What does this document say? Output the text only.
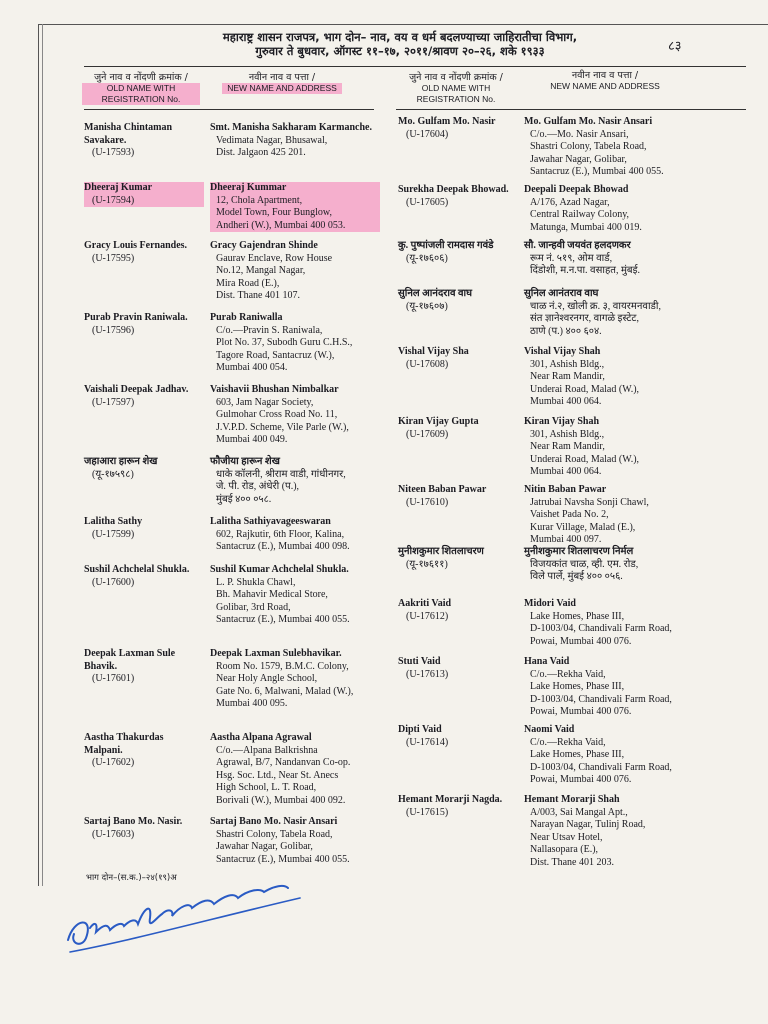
महाराष्ट्र शासन राजपत्र, भाग दोन– नाव, वय व धर्म बदलण्याच्या जाहिरातीचा विभाग,
गुरुवार ते बुधवार, ऑगस्ट ११–१७, २०११/श्रावण २०–२६, शके १९३३	८३
जुने नाव व नोंदणी क्रमांक /
OLD NAME WITH REGISTRATION No.
नवीन नाव व पत्ता /
NEW NAME AND ADDRESS
जुने नाव व नोंदणी क्रमांक /
OLD NAME WITH REGISTRATION No.
नवीन नाव व पत्ता /
NEW NAME AND ADDRESS
Manisha Chintaman Savakare.
(U-17593)
Smt. Manisha Sakharam Karmanche.
Vedimata Nagar, Bhusawal,
Dist. Jalgaon 425 201.
Dheeraj Kumar
(U-17594)
Dheeraj Kummar
12, Chola Apartment,
Model Town, Four Bunglow,
Andheri (W.), Mumbai 400 053.
Gracy Louis Fernandes.
(U-17595)
Gracy Gajendran Shinde
Gaurav Enclave, Row House
No.12, Mangal Nagar,
Mira Road (E.),
Dist. Thane 401 107.
Purab Pravin Raniwala.
(U-17596)
Purab Raniwalla
C/o.—Pravin S. Raniwala,
Plot No. 37, Subodh Guru C.H.S.,
Tagore Road, Santacruz (W.),
Mumbai 400 054.
Vaishali Deepak Jadhav.
(U-17597)
Vaishavii Bhushan Nimbalkar
603, Jam Nagar Society,
Gulmohar Cross Road No. 11,
J.V.P.D. Scheme, Vile Parle (W.),
Mumbai 400 049.
जहाआरा हारून शेख
(यू-१७५९८)
फौजीया हारून शेख
धाके कॉलनी, श्रीराम वाडी, गांधीनगर,
जे. पी. रोड, अंधेरी (प.),
मुंबई ४०० ०५८.
Lalitha Sathy
(U-17599)
Lalitha Sathiyavageeswaran
602, Rajkutir, 6th Floor, Kalina,
Santacruz (E.), Mumbai 400 098.
Sushil Achchelal Shukla.
(U-17600)
Sushil Kumar Achchelal Shukla.
L. P. Shukla Chawl,
Bh. Mahavir Medical Store,
Golibar, 3rd Road,
Santacruz (E.), Mumbai 400 055.
Deepak Laxman Sule Bhavik.
(U-17601)
Deepak Laxman Sulebhavikar.
Room No. 1579, B.M.C. Colony,
Near Holy Angle School,
Gate No. 6, Malwani, Malad (W.),
Mumbai 400 095.
Aastha Thakurdas Malpani.
(U-17602)
Aastha Alpana Agrawal
C/o.—Alpana Balkrishna
Agrawal, B/7, Nandanvan Co-op.
Hsg. Soc. Ltd., Near St. Anecs
High School, L. T. Road,
Borivali (W.), Mumbai 400 092.
Sartaj Bano Mo. Nasir.
(U-17603)
Sartaj Bano Mo. Nasir Ansari
Shastri Colony, Tabela Road,
Jawahar Nagar, Golibar,
Santacruz (E.), Mumbai 400 055.
Mo. Gulfam Mo. Nasir
(U-17604)
Mo. Gulfam Mo. Nasir Ansari
C/o.—Mo. Nasir Ansari,
Shastri Colony, Tabela Road,
Jawahar Nagar, Golibar,
Santacruz (E.), Mumbai 400 055.
Surekha Deepak Bhowad.
(U-17605)
Deepali Deepak Bhowad
A/176, Azad Nagar,
Central Railway Colony,
Matunga, Mumbai 400 019.
कु. पुष्पांजली रामदास गवंडे
(यू-१७६०६)
सौ. जान्हवी जयवंत हलदणकर
रूम नं. ५१९, ओम वार्ड,
दिंडोशी, म.न.पा. वसाहत, मुंबई.
सुनिल आनंदराव वाघ
(यू-१७६०७)
सुनिल आनंतराव वाघ
चाळ नं.२, खोली क्र. ३, वायरमनवाडी,
संत ज्ञानेश्वरनगर, वागळे इस्टेट,
ठाणे (प.) ४०० ६०४.
Vishal Vijay Sha
(U-17608)
Vishal Vijay Shah
301, Ashish Bldg.,
Near Ram Mandir,
Underai Road, Malad (W.),
Mumbai 400 064.
Kiran Vijay Gupta
(U-17609)
Kiran Vijay Shah
301, Ashish Bldg.,
Near Ram Mandir,
Underai Road, Malad (W.),
Mumbai 400 064.
Niteen Baban Pawar
(U-17610)
Nitin Baban Pawar
Jatrubai Navsha Sonji Chawl,
Vaishet Pada No. 2,
Kurar Village, Malad (E.),
Mumbai 400 097.
मुनीशकुमार शितलाचरण
(यू-१७६११)
मुनीशकुमार शितलाचरण निर्मल
विजयकांत चाळ, व्ही. एम. रोड,
विले पार्ले, मुंबई ४०० ०५६.
Aakriti Vaid
(U-17612)
Midori Vaid
Lake Homes, Phase III,
D-1003/04, Chandivali Farm Road,
Powai, Mumbai 400 076.
Stuti Vaid
(U-17613)
Hana Vaid
C/o.—Rekha Vaid,
Lake Homes, Phase III,
D-1003/04, Chandivali Farm Road,
Powai, Mumbai 400 076.
Dipti Vaid
(U-17614)
Naomi Vaid
C/o.—Rekha Vaid,
Lake Homes, Phase III,
D-1003/04, Chandivali Farm Road,
Powai, Mumbai 400 076.
Hemant Morarji Nagda.
(U-17615)
Hemant Morarji Shah
A/003, Sai Mangal Apt.,
Narayan Nagar, Tulinj Road,
Near Utsav Hotel,
Nallasopara (E.),
Dist. Thane 401 203.
भाग दोन–(स.क.)–२४(१९)अ
